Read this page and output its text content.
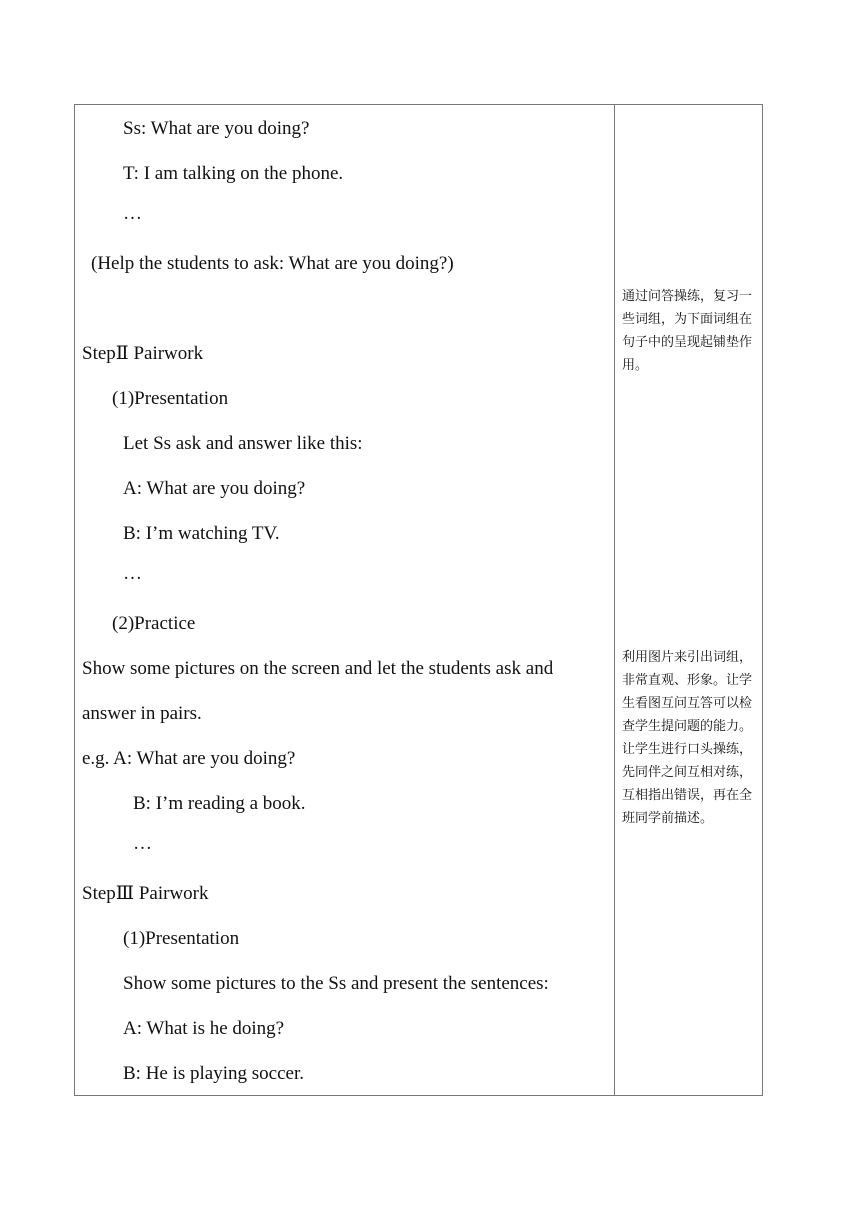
Ss: What are you doing?
T: I am talking on the phone.
…
(Help the students to ask: What are you doing?)
StepⅡ Pairwork
(1)Presentation
Let Ss ask and answer like this:
A: What are you doing?
B: I’m watching TV.
…
(2)Practice
Show some pictures on the screen and let the students ask and
answer in pairs.
e.g. A: What are you doing?
B: I’m reading a book.
…
StepⅢ Pairwork
(1)Presentation
Show some pictures to the Ss and present the sentences:
A: What is he doing?
B: He is playing soccer.
通过问答操练，复习一些词组，为下面词组在句子中的呈现起铺垫作用。
利用图片来引出词组，非常直观、形象。让学生看图互问互答可以检查学生提问题的能力。让学生进行口头操练，先同伴之间互相对练，互相指出错误，再在全班同学前描述。
